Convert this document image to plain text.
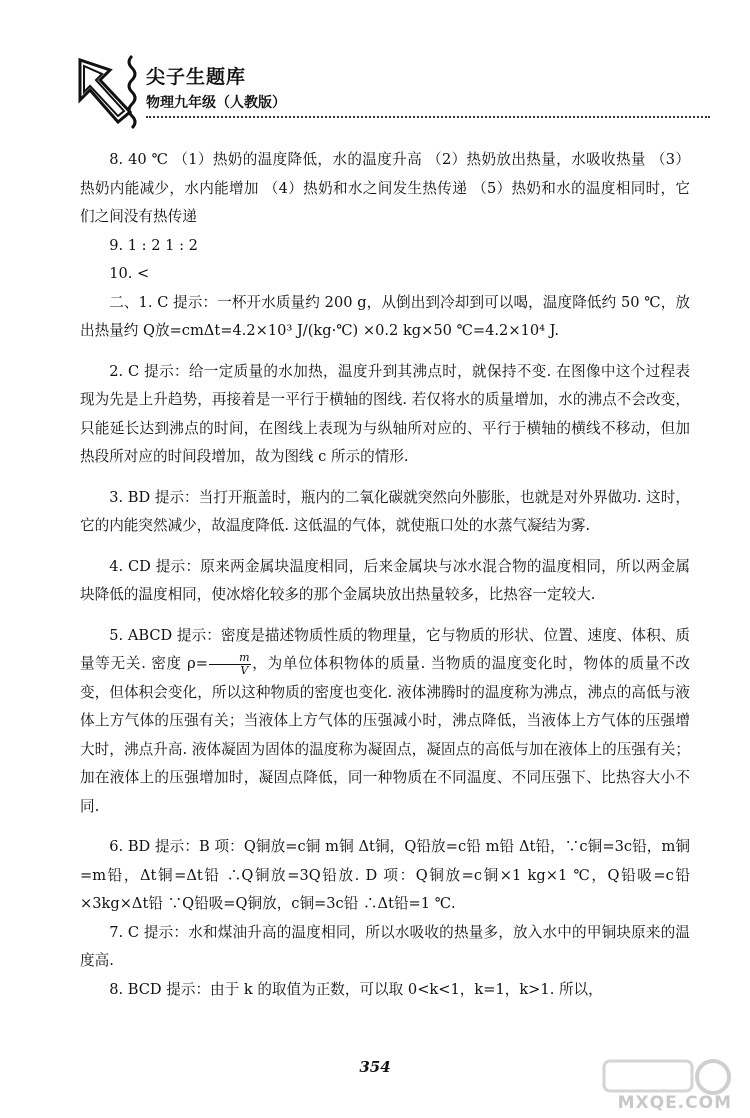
尖子生题库
物理九年级（人教版）

8. 40 ℃ （1）热奶的温度降低，水的温度升高 （2）热奶放出热量，水吸收热量 （3）热奶内能减少，水内能增加 （4）热奶和水之间发生热传递 （5）热奶和水的温度相同时，它们之间没有热传递

9. 1 : 2 1 : 2

10. <

二、1. C 提示：一杯开水质量约 200 g，从倒出到冷却到可以喝，温度降低约 50 ℃，放出热量约 Q放=cmΔt=4.2×10³ J/(kg·℃) ×0.2 kg×50 ℃=4.2×10⁴ J.

2. C 提示：给一定质量的水加热，温度升到其沸点时，就保持不变. 在图像中这个过程表现为先是上升趋势，再接着是一平行于横轴的图线. 若仅将水的质量增加，水的沸点不会改变，只能延长达到沸点的时间，在图线上表现为与纵轴所对应的、平行于横轴的横线不移动，但加热段所对应的时间段增加，故为图线 c 所示的情形.

3. BD 提示：当打开瓶盖时，瓶内的二氧化碳就突然向外膨胀，也就是对外界做功. 这时，它的内能突然减少，故温度降低. 这低温的气体，就使瓶口处的水蒸气凝结为雾.

4. CD 提示：原来两金属块温度相同，后来金属块与冰水混合物的温度相同，所以两金属块降低的温度相同，使冰熔化较多的那个金属块放出热量较多，比热容一定较大.

5. ABCD 提示：密度是描述物质性质的物理量，它与物质的形状、位置、速度、体积、质量等无关. 密度 $\rho= \frac{m}{V}$ ，为单位体积物体的质量. 当物质的温度变化时，物体的质量不改变，但体积会变化，所以这种物质的密度也变化. 液体沸腾时的温度称为沸点，沸点的高低与液体上方气体的压强有关；当液体上方气体的压强减小时，沸点降低，当液体上方气体的压强增大时，沸点升高. 液体凝固为固体的温度称为凝固点，凝固点的高低与加在液体上的压强有关；加在液体上的压强增加时，凝固点降低，同一种物质在不同温度、不同压强下、比热容大小不同.

6. BD 提示：B 项：Q铜放=c铜 m铜 Δt铜，Q铅放=c铅 m铅 Δt铅，∵c铜=3c铅，m铜=m铅，Δt铜=Δt铅 ∴Q铜放=3Q铅放. D 项：Q铜放=c铜×1 kg×1 ℃，Q铅吸=c铅×3kg×Δt铅 ∵Q铅吸=Q铜放，c铜=3c铅 ∴Δt铅=1 ℃.

7. C 提示：水和煤油升高的温度相同，所以水吸收的热量多，放入水中的甲铜块原来的温度高.

8. BCD 提示：由于 k 的取值为正数，可以取 0<k<1，k=1，k>1. 所以，

354
MXQE.COM
